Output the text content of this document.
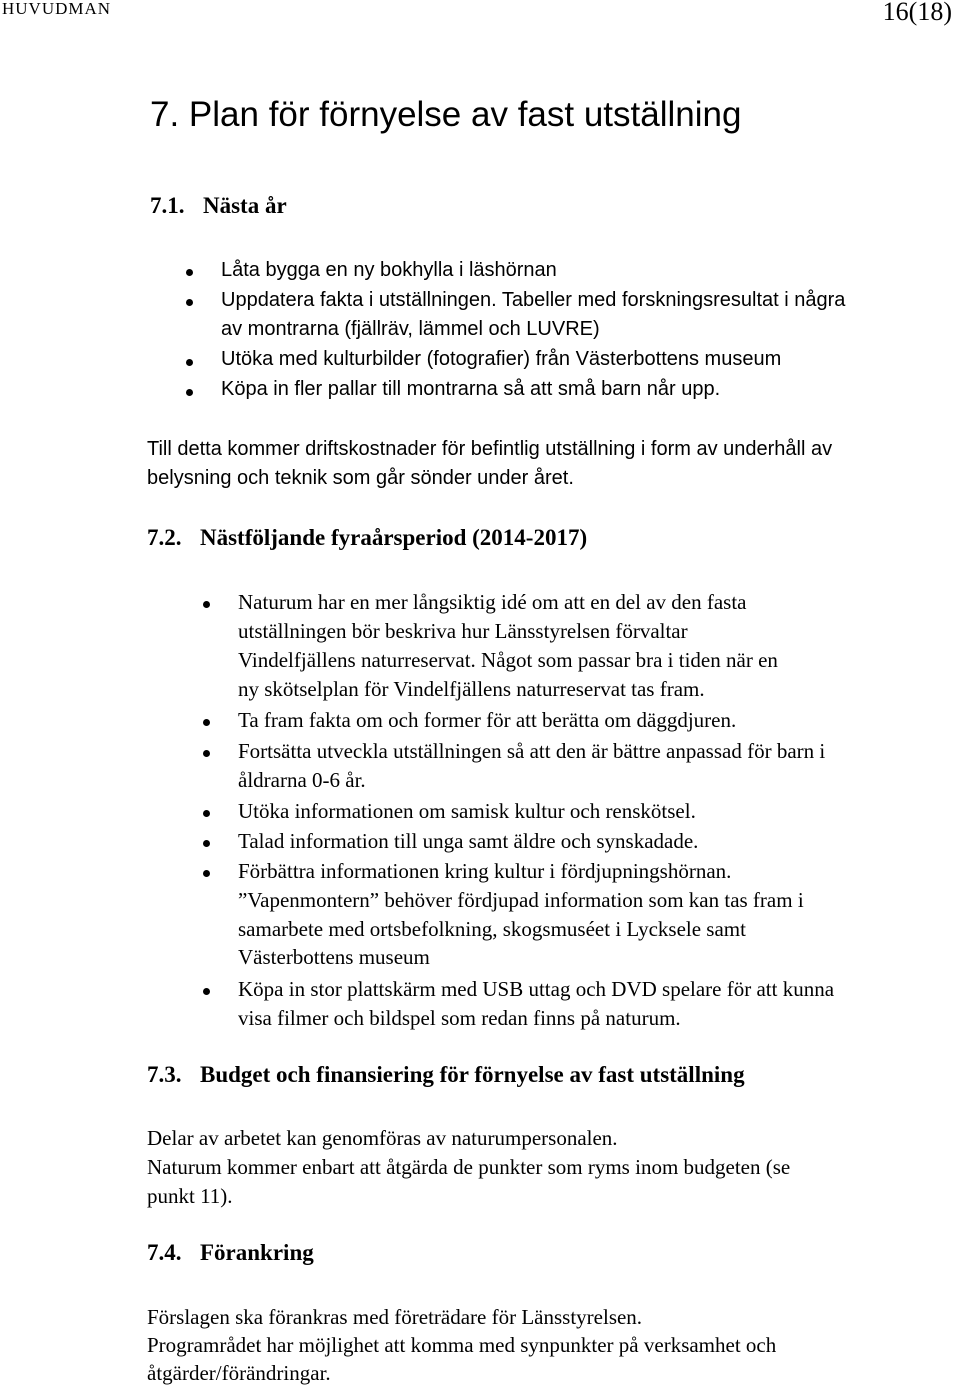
HUVUDMAN	16(18)
7. Plan för förnyelse av fast utställning
7.1. Nästa år
Låta bygga en ny bokhylla i läshörnan
Uppdatera fakta i utställningen. Tabeller med forskningsresultat i några
av montrarna (fjällräv, lämmel och LUVRE)
Utöka med kulturbilder (fotografier) från Västerbottens museum
Köpa in fler pallar till montrarna så att små barn når upp.
Till detta kommer driftskostnader för befintlig utställning i form av underhåll av
belysning och teknik som går sönder under året.
7.2. Nästföljande fyraårsperiod (2014-2017)
Naturum har en mer långsiktig idé om att en del av den fasta
utställningen bör beskriva hur Länsstyrelsen förvaltar
Vindelfjällens naturreservat. Något som passar bra i tiden när en
ny skötselplan för Vindelfjällens naturreservat tas fram.
Ta fram fakta om och former för att berätta om däggdjuren.
Fortsätta utveckla utställningen så att den är bättre anpassad för barn i
åldrarna 0-6 år.
Utöka informationen om samisk kultur och renskötsel.
Talad information till unga samt äldre och synskadade.
Förbättra informationen kring kultur i fördjupningshörnan.
”Vapenmontern” behöver fördjupad information som kan tas fram i
samarbete med ortsbefolkning, skogsmuséet i Lycksele samt
Västerbottens museum
Köpa in stor plattskärm med USB uttag och DVD spelare för att kunna
visa filmer och bildspel som redan finns på naturum.
7.3. Budget och finansiering för förnyelse av fast utställning
Delar av arbetet kan genomföras av naturumpersonalen.
Naturum kommer enbart att åtgärda de punkter som ryms inom budgeten (se
punkt 11).
7.4. Förankring
Förslagen ska förankras med företrädare för Länsstyrelsen.
Programrådet har möjlighet att komma med synpunkter på verksamhet och
åtgärder/förändringar.
